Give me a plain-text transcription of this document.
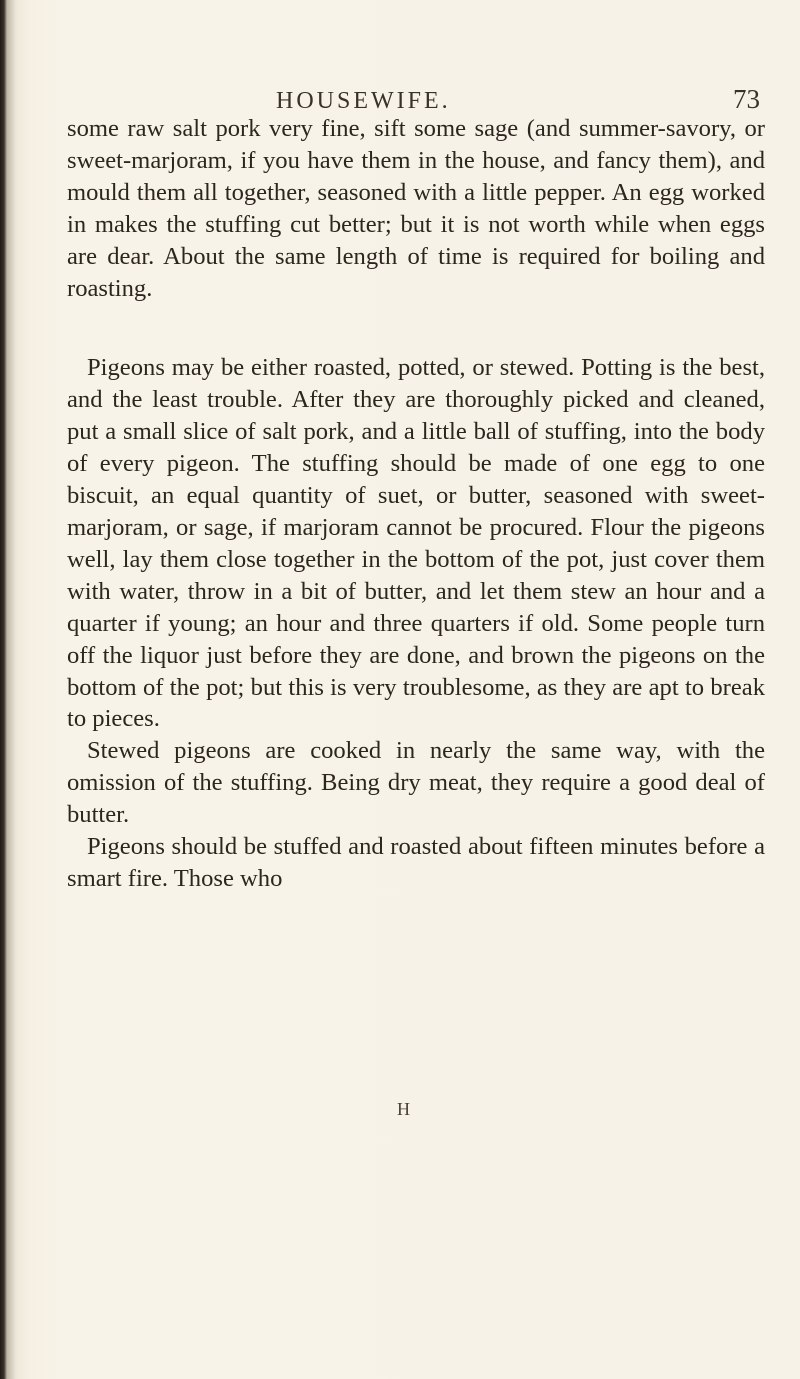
HOUSEWIFE.	73

some raw salt pork very fine, sift some sage (and summer-savory, or sweet-marjoram, if you have them in the house, and fancy them), and mould them all together, seasoned with a little pepper. An egg worked in makes the stuffing cut better; but it is not worth while when eggs are dear. About the same length of time is required for boiling and roasting.

Pigeons may be either roasted, potted, or stewed. Potting is the best, and the least trouble. After they are thoroughly picked and cleaned, put a small slice of salt pork, and a little ball of stuffing, into the body of every pigeon. The stuffing should be made of one egg to one biscuit, an equal quantity of suet, or butter, seasoned with sweet-marjoram, or sage, if marjoram cannot be procured. Flour the pigeons well, lay them close together in the bottom of the pot, just cover them with water, throw in a bit of butter, and let them stew an hour and a quarter if young; an hour and three quarters if old. Some people turn off the liquor just before they are done, and brown the pigeons on the bottom of the pot; but this is very troublesome, as they are apt to break to pieces.

Stewed pigeons are cooked in nearly the same way, with the omission of the stuffing. Being dry meat, they require a good deal of butter.

Pigeons should be stuffed and roasted about fifteen minutes before a smart fire. Those who

H
